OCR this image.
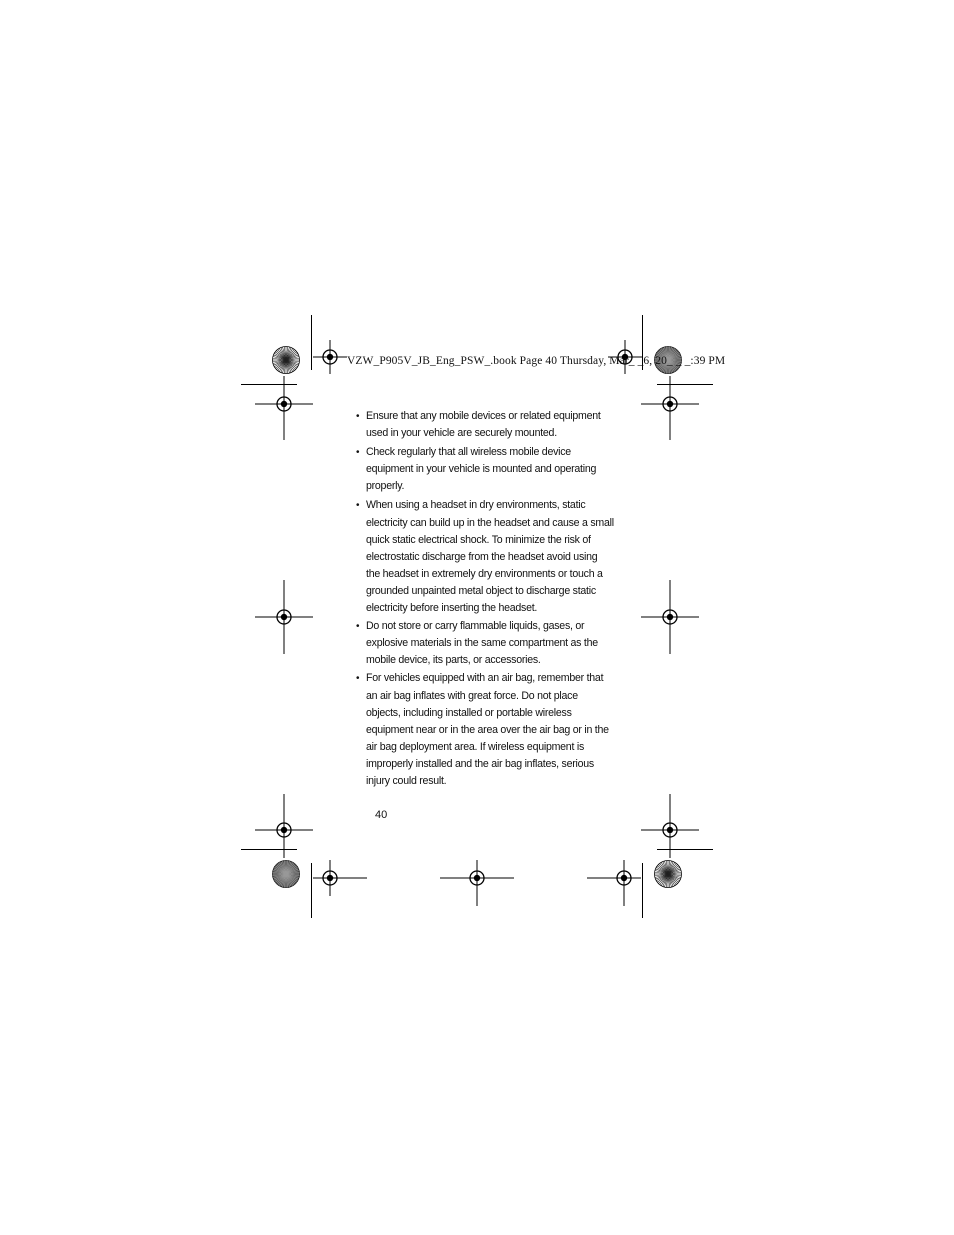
VZW_P905V_JB_Eng_PSW_.book Page 40 Thursday, Mar_ _6, 20_ _ _:39 PM
• Ensure that any mobile devices or related equipment used in your vehicle are securely mounted.
• Check regularly that all wireless mobile device equipment in your vehicle is mounted and operating properly.
• When using a headset in dry environments, static electricity can build up in the headset and cause a small quick static electrical shock. To minimize the risk of electrostatic discharge from the headset avoid using the headset in extremely dry environments or touch a grounded unpainted metal object to discharge static electricity before inserting the headset.
• Do not store or carry flammable liquids, gases, or explosive materials in the same compartment as the mobile device, its parts, or accessories.
• For vehicles equipped with an air bag, remember that an air bag inflates with great force. Do not place objects, including installed or portable wireless equipment near or in the area over the air bag or in the air bag deployment area. If wireless equipment is improperly installed and the air bag inflates, serious injury could result.
40
